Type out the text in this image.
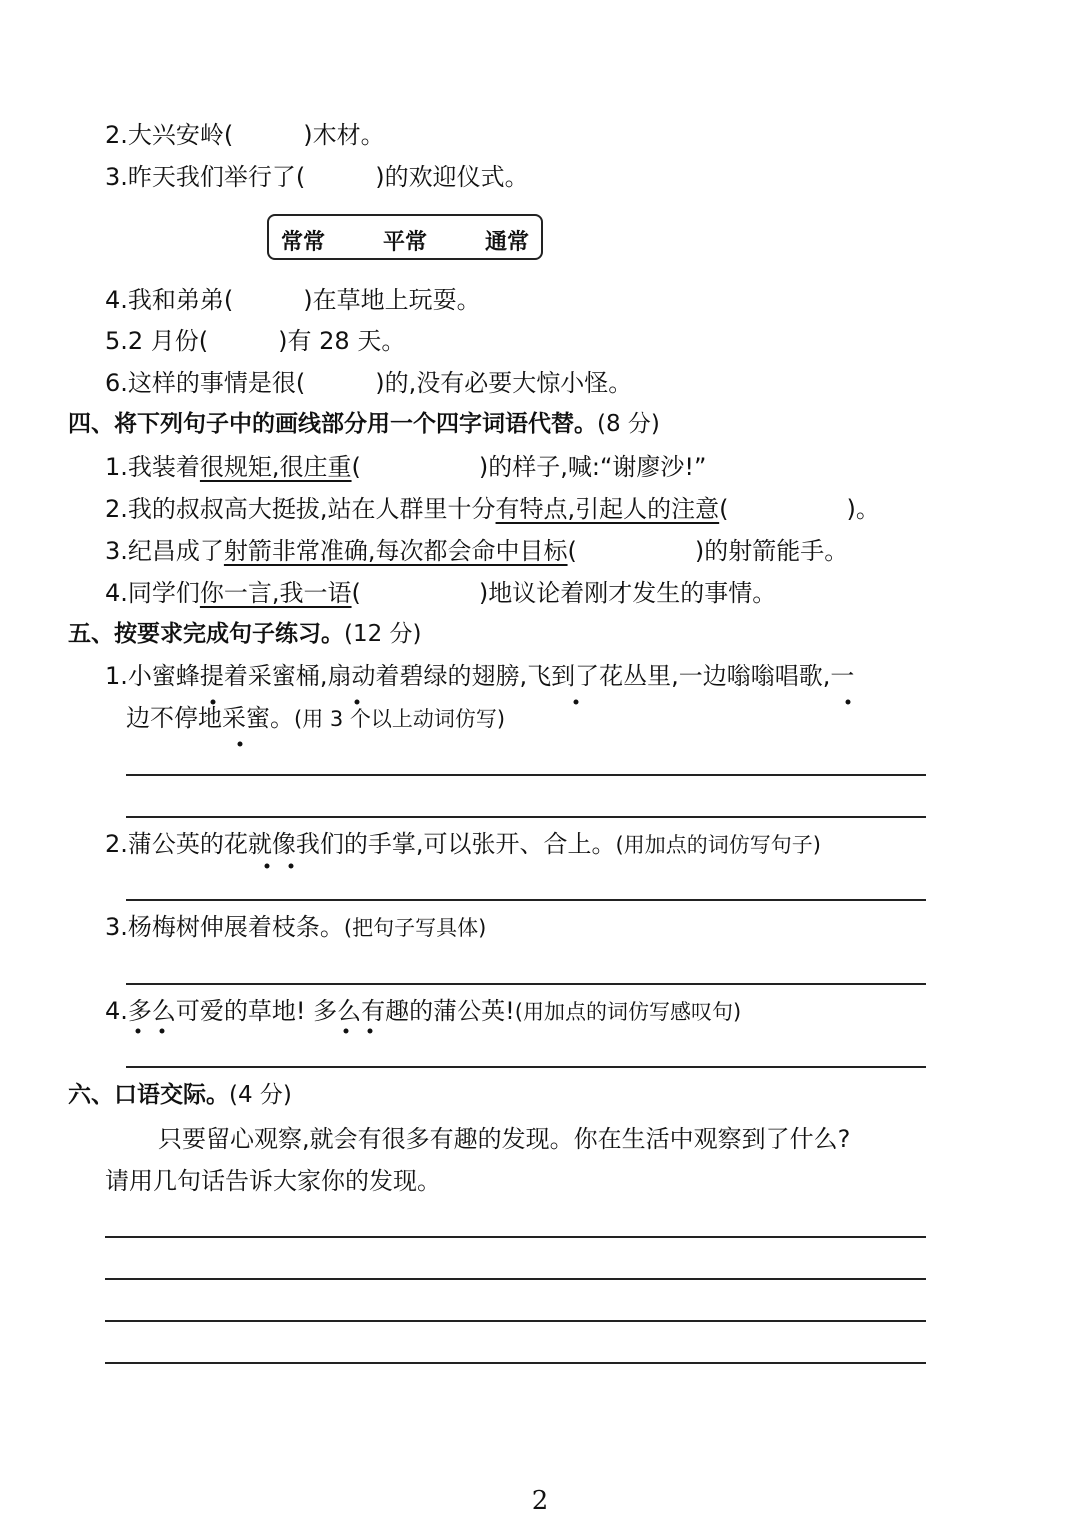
2.大兴安岭(	)木材。
3.昨天我们举行了(	)的欢迎仪式。
常常	平常	通常
4.我和弟弟(	)在草地上玩耍。
5.2 月份(	)有 28 天。
6.这样的事情是很(	)的,没有必要大惊小怪。
四、将下列句子中的画线部分用一个四字词语代替。(8 分)
1.我装着很规矩,很庄重(	)的样子,喊:“谢廖沙!”
2.我的叔叔高大挺拔,站在人群里十分有特点,引起人的注意(	)。
3.纪昌成了射箭非常准确,每次都会命中目标(	)的射箭能手。
4.同学们你一言,我一语(	)地议论着刚才发生的事情。
五、按要求完成句子练习。(12 分)
1.小蜜蜂提着采蜜桶,扇动着碧绿的翅膀,飞到了花丛里,一边嗡嗡唱歌,一
边不停地采蜜。(用 3 个以上动词仿写)
2.蒲公英的花就像我们的手掌,可以张开、合上。(用加点的词仿写句子)
3.杨梅树伸展着枝条。(把句子写具体)
4.多么可爱的草地! 多么有趣的蒲公英!(用加点的词仿写感叹句)
六、口语交际。(4 分)
只要留心观察,就会有很多有趣的发现。你在生活中观察到了什么?
请用几句话告诉大家你的发现。
2
